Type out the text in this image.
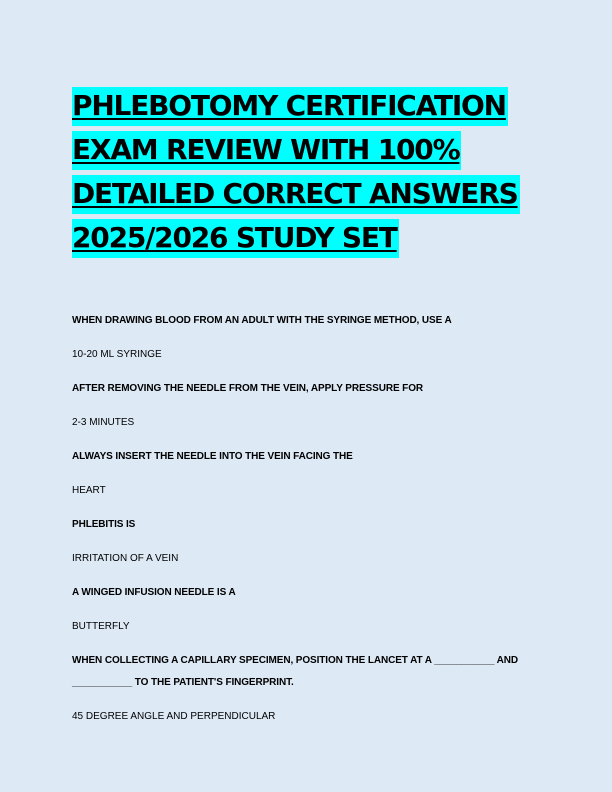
PHLEBOTOMY CERTIFICATION
EXAM REVIEW WITH 100%
DETAILED CORRECT ANSWERS
2025/2026 STUDY SET

WHEN DRAWING BLOOD FROM AN ADULT WITH THE SYRINGE METHOD, USE A

10-20 ML SYRINGE

AFTER REMOVING THE NEEDLE FROM THE VEIN, APPLY PRESSURE FOR

2-3 MINUTES

ALWAYS INSERT THE NEEDLE INTO THE VEIN FACING THE

HEART

PHLEBITIS IS

IRRITATION OF A VEIN

A WINGED INFUSION NEEDLE IS A

BUTTERFLY

WHEN COLLECTING A CAPILLARY SPECIMEN, POSITION THE LANCET AT A ___________ AND ___________ TO THE PATIENT'S FINGERPRINT.

45 DEGREE ANGLE AND PERPENDICULAR
